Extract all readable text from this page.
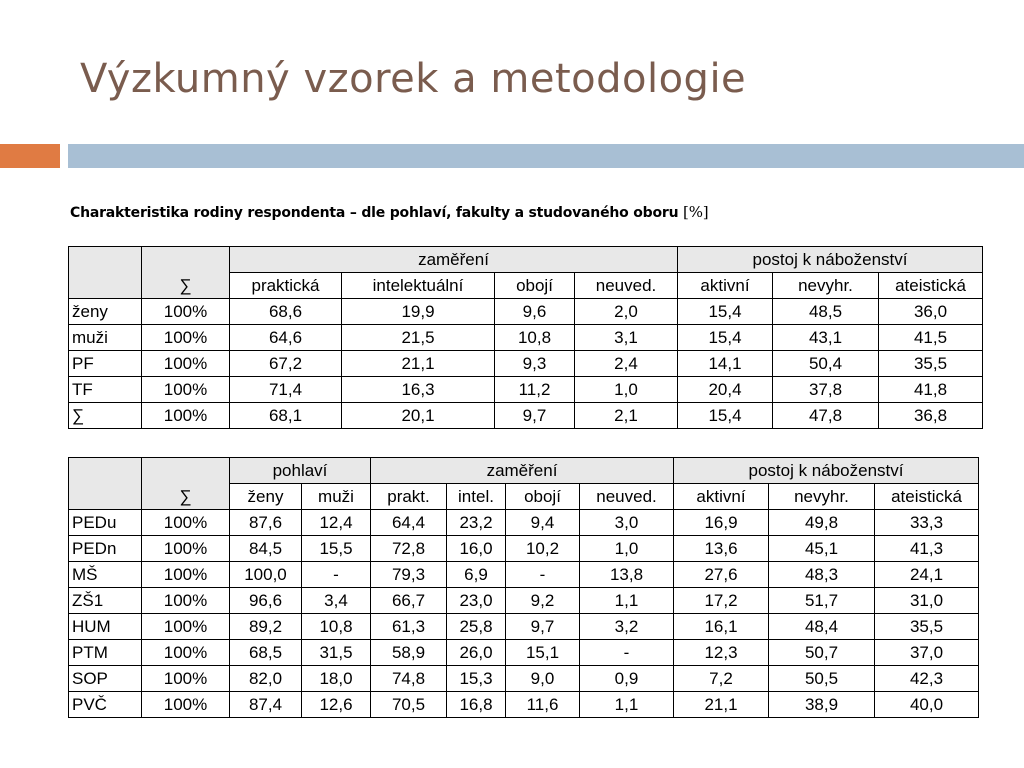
Výzkumný vzorek a metodologie
Charakteristika rodiny respondenta – dle pohlaví, fakulty a studovaného oboru [%]
	∑	zaměření				postoj k náboženství		
		praktická	intelektuální	obojí	neuved.	aktivní	nevyhr.	ateistická
ženy	100%	68,6	19,9	9,6	2,0	15,4	48,5	36,0
muži	100%	64,6	21,5	10,8	3,1	15,4	43,1	41,5
PF	100%	67,2	21,1	9,3	2,4	14,1	50,4	35,5
TF	100%	71,4	16,3	11,2	1,0	20,4	37,8	41,8
∑	100%	68,1	20,1	9,7	2,1	15,4	47,8	36,8
	∑	pohlaví		zaměření				postoj k náboženství		
		ženy	muži	prakt.	intel.	obojí	neuved.	aktivní	nevyhr.	ateistická
PEDu	100%	87,6	12,4	64,4	23,2	9,4	3,0	16,9	49,8	33,3
PEDn	100%	84,5	15,5	72,8	16,0	10,2	1,0	13,6	45,1	41,3
MŠ	100%	100,0	-	79,3	6,9	-	13,8	27,6	48,3	24,1
ZŠ1	100%	96,6	3,4	66,7	23,0	9,2	1,1	17,2	51,7	31,0
HUM	100%	89,2	10,8	61,3	25,8	9,7	3,2	16,1	48,4	35,5
PTM	100%	68,5	31,5	58,9	26,0	15,1	-	12,3	50,7	37,0
SOP	100%	82,0	18,0	74,8	15,3	9,0	0,9	7,2	50,5	42,3
PVČ	100%	87,4	12,6	70,5	16,8	11,6	1,1	21,1	38,9	40,0
